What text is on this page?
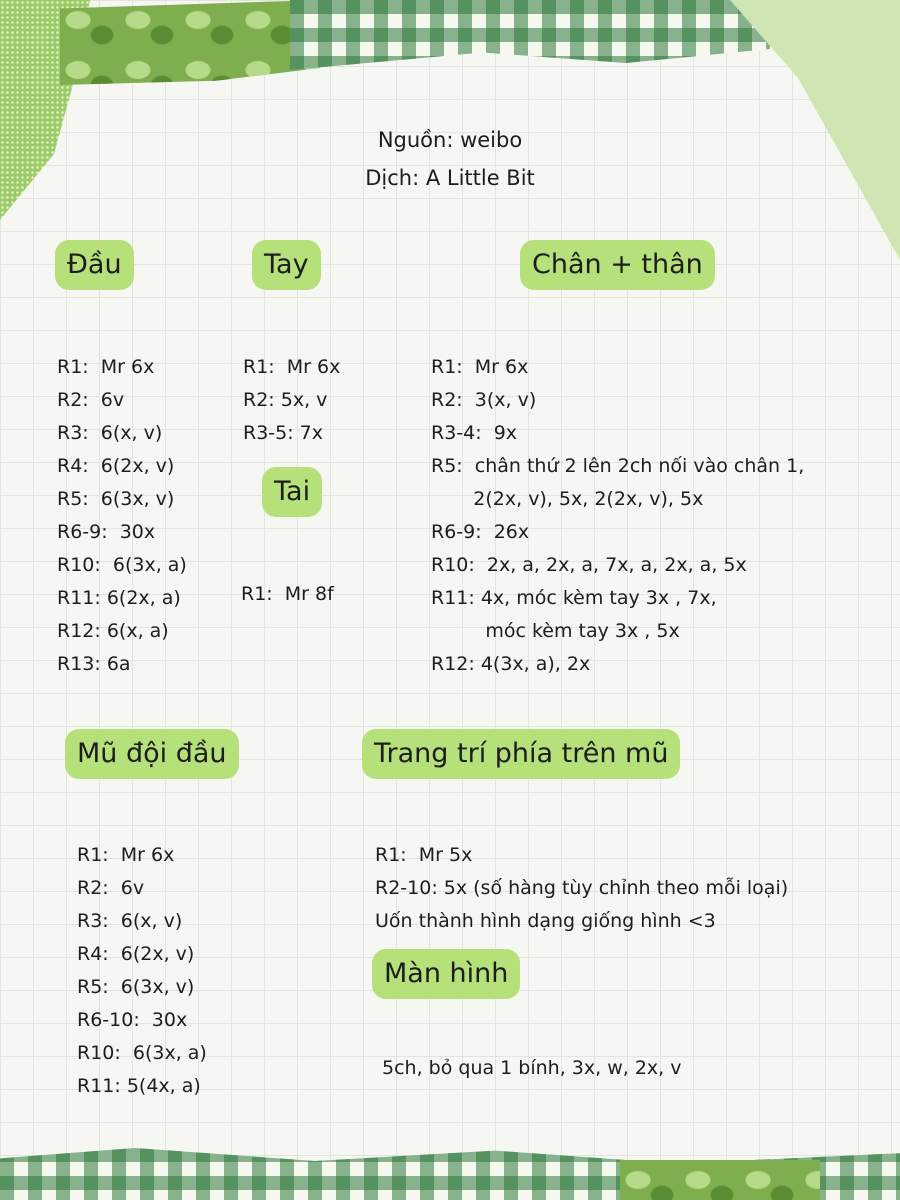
Nguồn: weibo
Dịch: A Little Bit
Đầu

R1:  Mr 6x
R2:  6v
R3:  6(x, v)
R4:  6(2x, v)
R5:  6(3x, v)
R6-9:  30x
R10:  6(3x, a)
R11: 6(2x, a)
R12: 6(x, a)
R13: 6a
Tay

R1:  Mr 6x
R2: 5x, v
R3-5: 7x
Tai

R1:  Mr 8f
Chân + thân

R1:  Mr 6x
R2:  3(x, v)
R3-4:  9x
R5:  chân thứ 2 lên 2ch nối vào chân 1,
2(2x, v), 5x, 2(2x, v), 5x
R6-9:  26x
R10:  2x, a, 2x, a, 7x, a, 2x, a, 5x
R11: 4x, móc kèm tay 3x , 7x,
móc kèm tay 3x , 5x
R12: 4(3x, a), 2x
Mũ đội đầu

R1:  Mr 6x
R2:  6v
R3:  6(x, v)
R4:  6(2x, v)
R5:  6(3x, v)
R6-10:  30x
R10:  6(3x, a)
R11: 5(4x, a)
Trang trí phía trên mũ

R1:  Mr 5x
R2-10: 5x (số hàng tùy chỉnh theo mỗi loại)
Uốn thành hình dạng giống hình <3
Màn hình

5ch, bỏ qua 1 bính, 3x, w, 2x, v
